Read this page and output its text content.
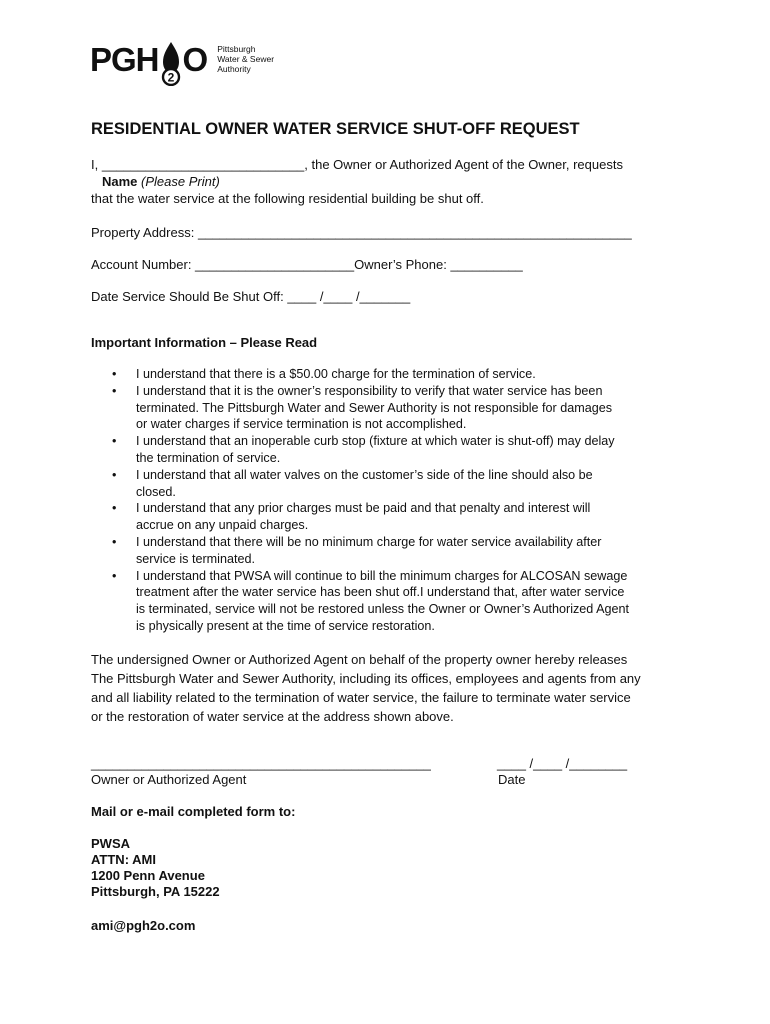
PGH 2 O Pittsburgh
Water & Sewer
Authority
RESIDENTIAL OWNER WATER SERVICE SHUT-OFF REQUEST
I, ____________________________, the Owner or Authorized Agent of the Owner, requests
Name (Please Print)
that the water service at the following residential building be shut off.
Property Address: ____________________________________________________________
Account Number: ______________________Owner’s Phone: __________
Date Service Should Be Shut Off: ____ /____ /_______
Important Information – Please Read
• I understand that there is a $50.00 charge for the termination of service.
• I understand that it is the owner’s responsibility to verify that water service has been
terminated. The Pittsburgh Water and Sewer Authority is not responsible for damages
or water charges if service termination is not accomplished.
• I understand that an inoperable curb stop (fixture at which water is shut-off) may delay
the termination of service.
• I understand that all water valves on the customer’s side of the line should also be
closed.
• I understand that any prior charges must be paid and that penalty and interest will
accrue on any unpaid charges.
• I understand that there will be no minimum charge for water service availability after
service is terminated.
• I understand that PWSA will continue to bill the minimum charges for ALCOSAN sewage
treatment after the water service has been shut off.I understand that, after water service
is terminated, service will not be restored unless the Owner or Owner’s Authorized Agent
is physically present at the time of service restoration.
The undersigned Owner or Authorized Agent on behalf of the property owner hereby releases
The Pittsburgh Water and Sewer Authority, including its offices, employees and agents from any
and all liability related to the termination of water service, the failure to terminate water service
or the restoration of water service at the address shown above.
_______________________________________________
Owner or Authorized Agent
____ /____ /________
Date
Mail or e-mail completed form to:
PWSA
ATTN: AMI
1200 Penn Avenue
Pittsburgh, PA 15222
ami@pgh2o.com
